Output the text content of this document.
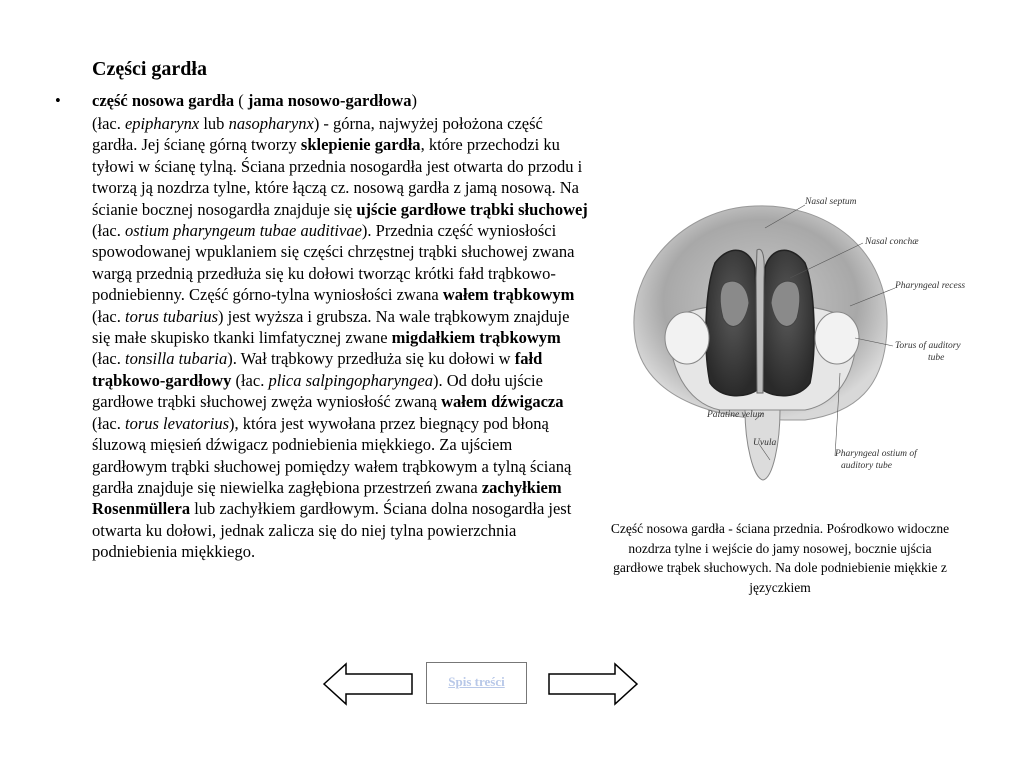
Części gardła
• część nosowa gardła ( jama nosowo-gardłowa)
(łac. epipharynx lub nasopharynx) - górna, najwyżej położona część gardła. Jej ścianę górną tworzy sklepienie gardła, które przechodzi ku tyłowi w ścianę tylną. Ściana przednia nosogardła jest otwarta do przodu i tworzą ją nozdrza tylne, które łączą cz. nosową gardła z jamą nosową. Na ścianie bocznej nosogardła znajduje się ujście gardłowe trąbki słuchowej (łac. ostium pharyngeum tubae auditivae). Przednia część wyniosłości spowodowanej wpuklaniem się części chrzęstnej trąbki słuchowej zwana wargą przednią przedłuża się ku dołowi tworząc krótki fałd trąbkowo-podniebienny. Część górno-tylna wyniosłości zwana wałem trąbkowym (łac. torus tubarius) jest wyższa i grubsza. Na wale trąbkowym znajduje się małe skupisko tkanki limfatycznej zwane migdałkiem trąbkowym (łac. tonsilla tubaria). Wał trąbkowy przedłuża się ku dołowi w fałd trąbkowo-gardłowy (łac. plica salpingopharyngea). Od dołu ujście gardłowe trąbki słuchowej zwęża wyniosłość zwaną wałem dźwigacza (łac. torus levatorius), która jest wywołana przez biegnący pod błoną śluzową mięsień dźwigacz podniebienia miękkiego. Za ujściem gardłowym trąbki słuchowej pomiędzy wałem trąbkowym a tylną ścianą gardła znajduje się niewielka zagłębiona przestrzeń zwana zachyłkiem Rosenmüllera lub zachyłkiem gardłowym. Ściana dolna nosogardła jest otwarta ku dołowi, jednak zalicza się do niej tylna powierzchnia podniebienia miękkiego.
Nasal septum
Nasal conchæ
Pharyngeal recess
Torus of auditory
tube
Palatine velum
Uvula
Pharyngeal ostium of
auditory tube
Część nosowa gardła - ściana przednia. Pośrodkowo widoczne nozdrza tylne i wejście do jamy nosowej, bocznie ujścia gardłowe trąbek słuchowych. Na dole podniebienie miękkie z języczkiem
Spis treści
